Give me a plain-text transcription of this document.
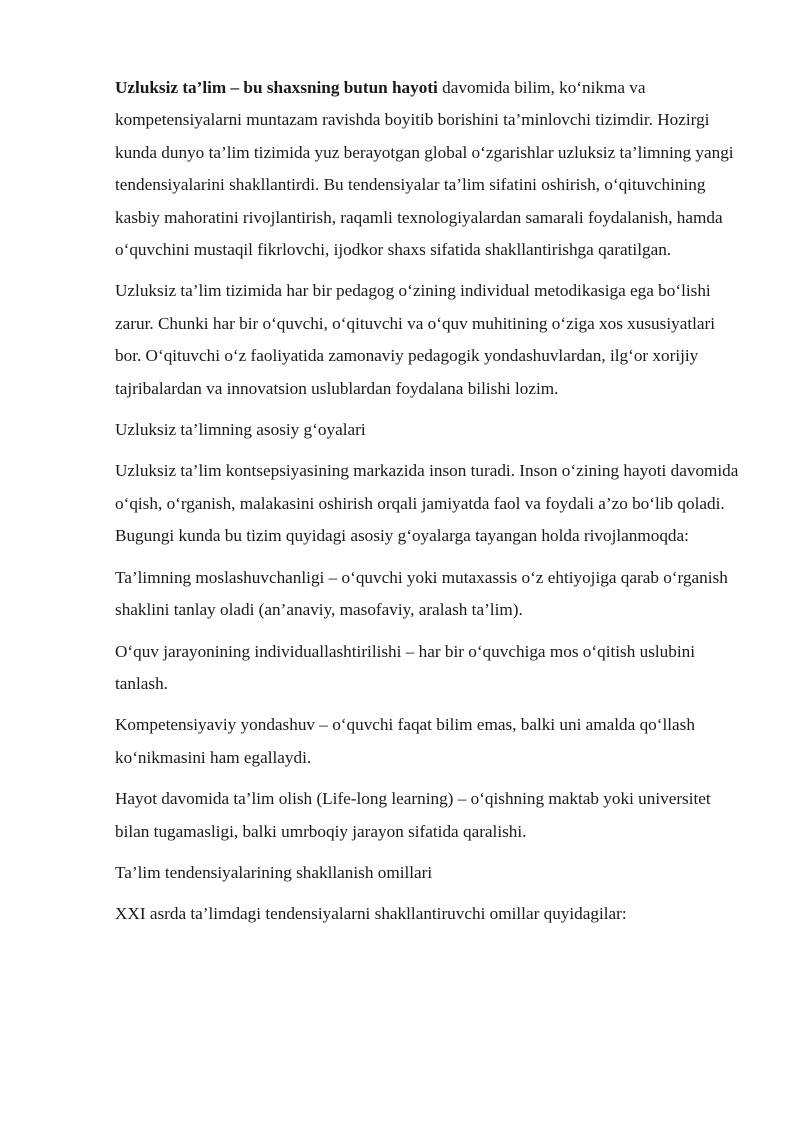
Uzluksiz ta’lim – bu shaxsning butun hayoti davomida bilim, ko‘nikma va kompetensiyalarni muntazam ravishda boyitib borishini ta’minlovchi tizimdir. Hozirgi kunda dunyo ta’lim tizimida yuz berayotgan global o‘zgarishlar uzluksiz ta’limning yangi tendensiyalarini shakllantirdi. Bu tendensiyalar ta’lim sifatini oshirish, o‘qituvchining kasbiy mahoratini rivojlantirish, raqamli texnologiyalardan samarali foydalanish, hamda o‘quvchini mustaqil fikrlovchi, ijodkor shaxs sifatida shakllantirishga qaratilgan.

Uzluksiz ta’lim tizimida har bir pedagog o‘zining individual metodikasiga ega bo‘lishi zarur. Chunki har bir o‘quvchi, o‘qituvchi va o‘quv muhitining o‘ziga xos xususiyatlari bor. O‘qituvchi o‘z faoliyatida zamonaviy pedagogik yondashuvlardan, ilg‘or xorijiy tajribalardan va innovatsion uslublardan foydalana bilishi lozim.

Uzluksiz ta’limning asosiy g‘oyalari

Uzluksiz ta’lim kontsepsiyasining markazida inson turadi. Inson o‘zining hayoti davomida o‘qish, o‘rganish, malakasini oshirish orqali jamiyatda faol va foydali a’zo bo‘lib qoladi. Bugungi kunda bu tizim quyidagi asosiy g‘oyalarga tayangan holda rivojlanmoqda:

Ta’limning moslashuvchanligi – o‘quvchi yoki mutaxassis o‘z ehtiyojiga qarab o‘rganish shaklini tanlay oladi (an’anaviy, masofaviy, aralash ta’lim).

O‘quv jarayonining individuallashtirilishi – har bir o‘quvchiga mos o‘qitish uslubini tanlash.

Kompetensiyaviy yondashuv – o‘quvchi faqat bilim emas, balki uni amalda qo‘llash ko‘nikmasini ham egallaydi.

Hayot davomida ta’lim olish (Life-long learning) – o‘qishning maktab yoki universitet bilan tugamasligi, balki umrboqiy jarayon sifatida qaralishi.

Ta’lim tendensiyalarining shakllanish omillari

XXI asrda ta’limdagi tendensiyalarni shakllantiruvchi omillar quyidagilar:
